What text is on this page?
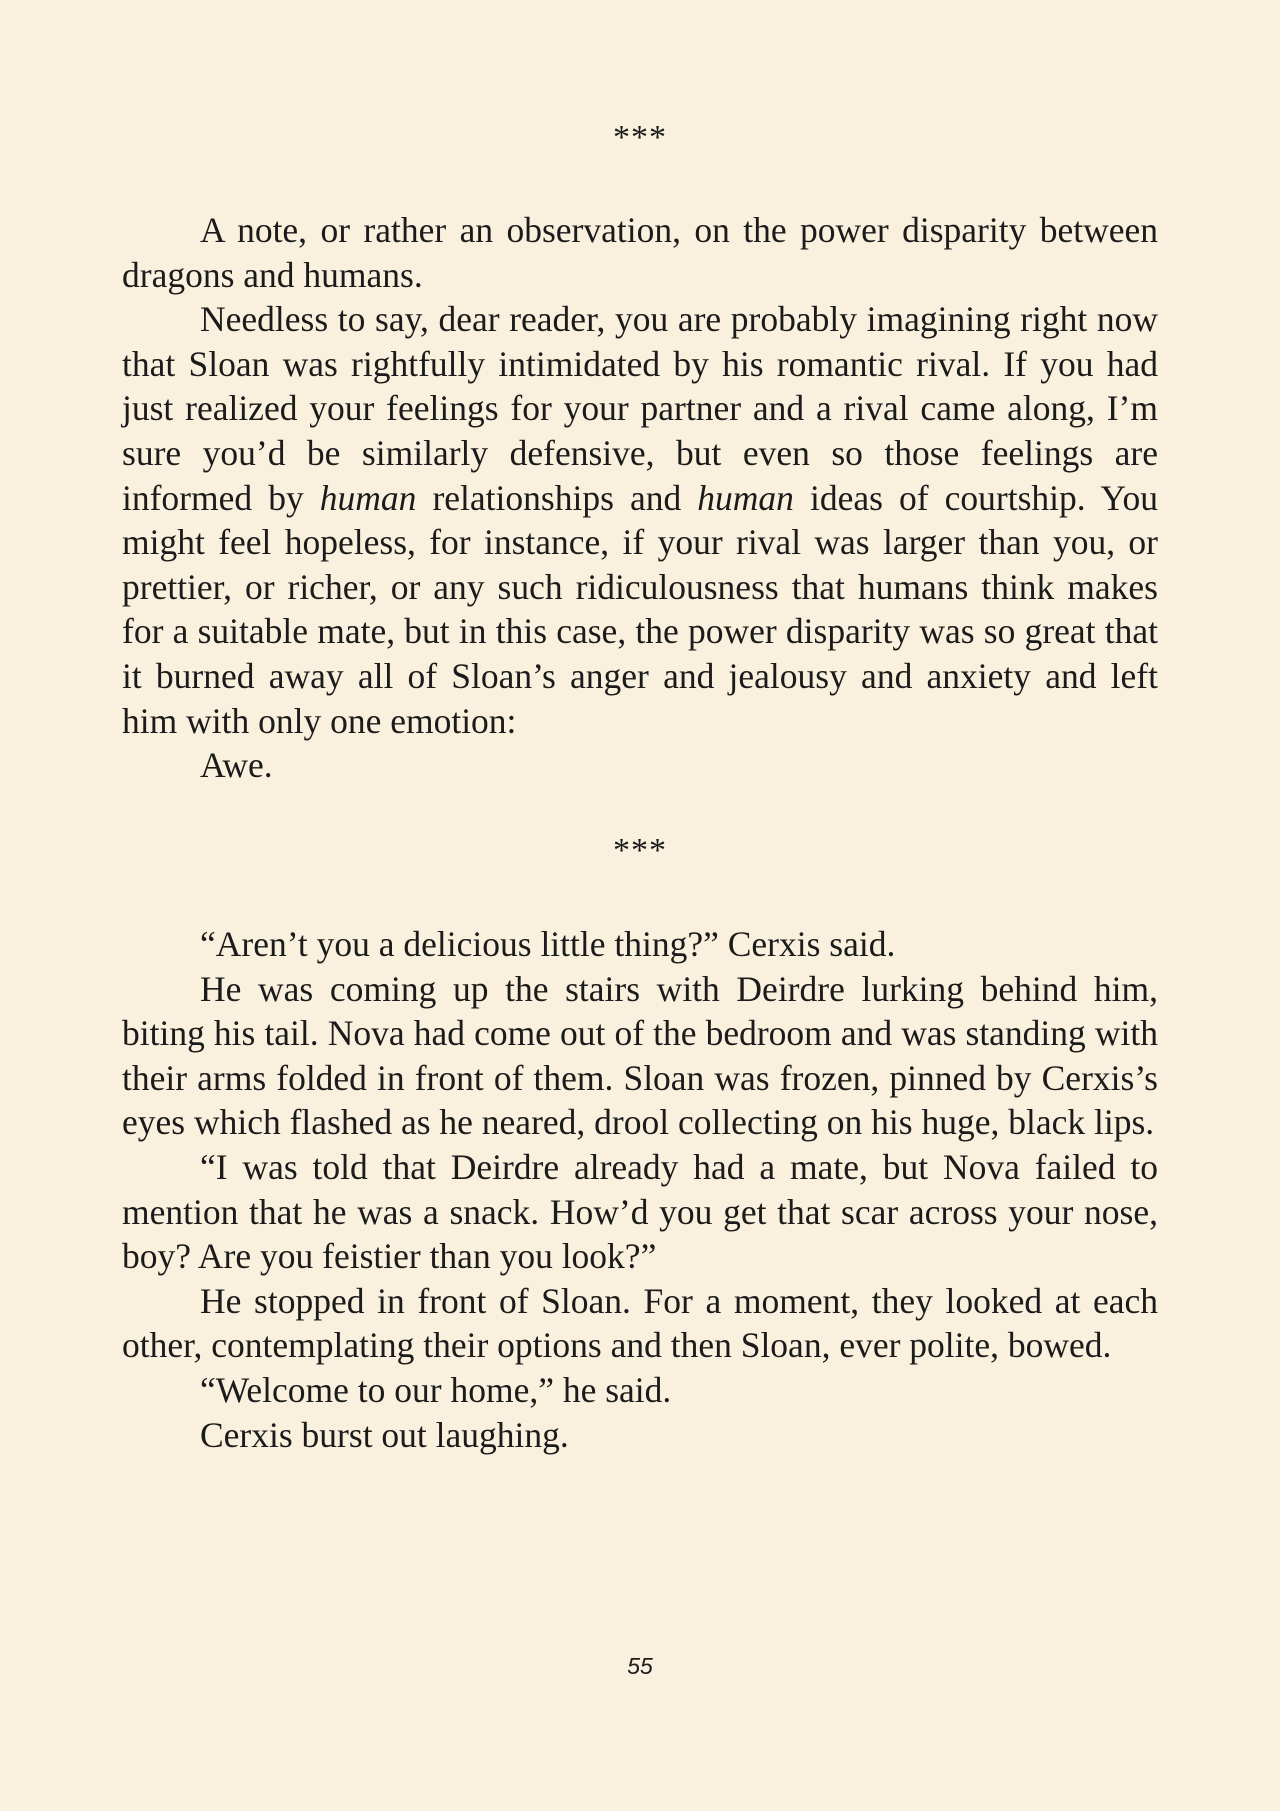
***

A note, or rather an observation, on the power disparity between dragons and humans.

Needless to say, dear reader, you are probably imagining right now that Sloan was rightfully intimidated by his romantic rival. If you had just realized your feelings for your partner and a rival came along, I’m sure you’d be similarly defensive, but even so those feelings are informed by human relationships and human ideas of courtship. You might feel hopeless, for instance, if your rival was larger than you, or prettier, or richer, or any such ridiculousness that humans think makes for a suitable mate, but in this case, the power disparity was so great that it burned away all of Sloan’s anger and jealousy and anxiety and left him with only one emotion:

Awe.

***

“Aren’t you a delicious little thing?” Cerxis said.

He was coming up the stairs with Deirdre lurking behind him, biting his tail. Nova had come out of the bedroom and was standing with their arms folded in front of them. Sloan was frozen, pinned by Cerxis’s eyes which flashed as he neared, drool collecting on his huge, black lips.

“I was told that Deirdre already had a mate, but Nova failed to mention that he was a snack. How’d you get that scar across your nose, boy? Are you feistier than you look?”

He stopped in front of Sloan. For a moment, they looked at each other, contemplating their options and then Sloan, ever polite, bowed.

“Welcome to our home,” he said.

Cerxis burst out laughing.

55
